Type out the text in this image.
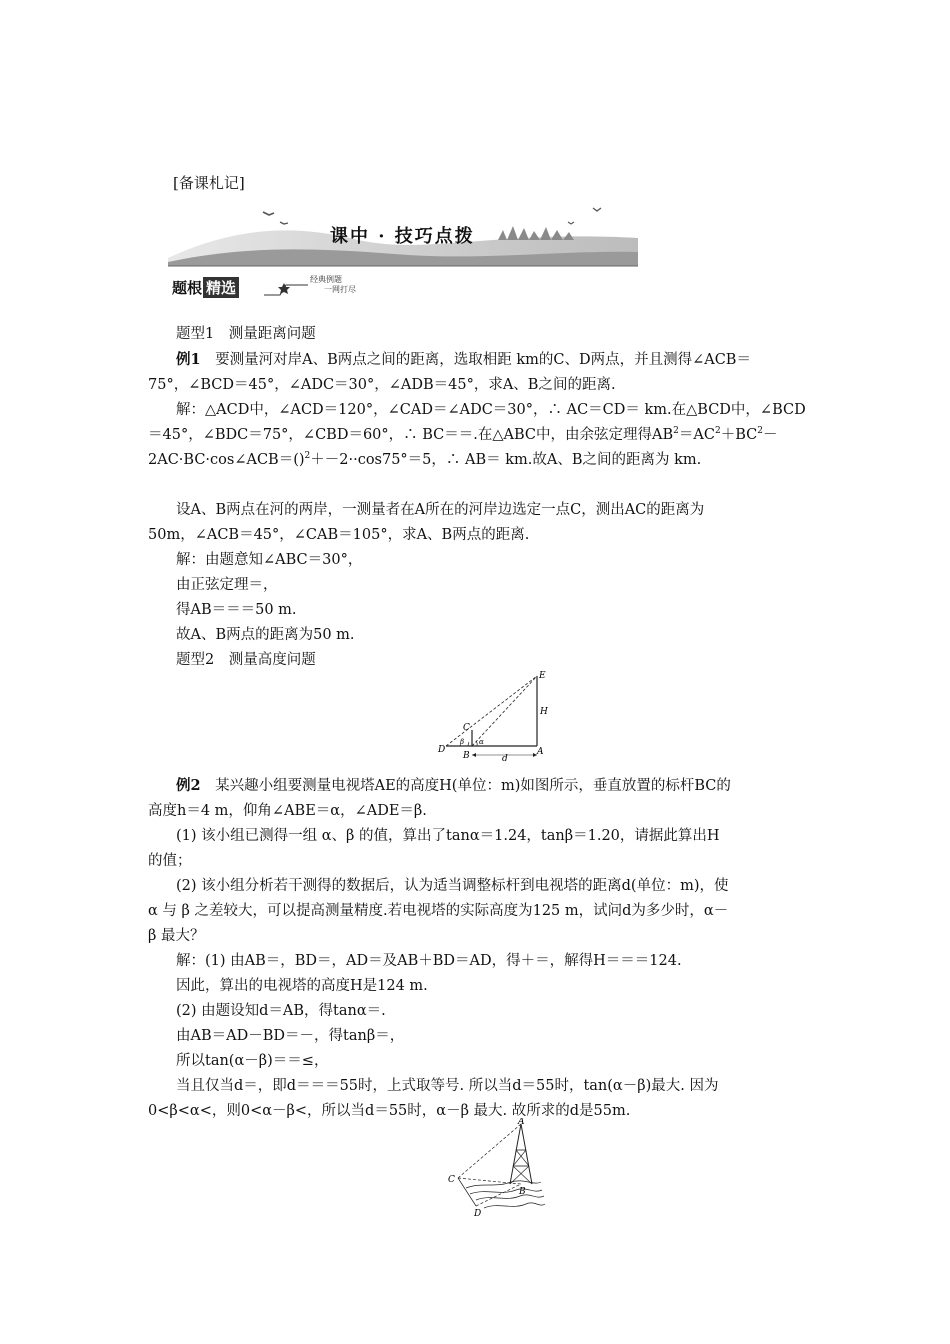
[备课札记]
课中 · 技巧点拨
题根 精选	经典例题
一网打尽

题型1　测量距离问题

例1　要测量河对岸A、B两点之间的距离，选取相距 km的C、D两点，并且测得∠ACB＝

75°，∠BCD＝45°，∠ADC＝30°，∠ADB＝45°，求A、B之间的距离.

解：△ACD中，∠ACD＝120°，∠CAD＝∠ADC＝30°，∴ AC＝CD＝ km.在△BCD中，∠BCD

＝45°，∠BDC＝75°，∠CBD＝60°，∴ BC＝＝.在△ABC中，由余弦定理得$AB^2=AC^2+BC^2-$

2AC·BC·cos∠ACB＝()$^2$＋－2··cos75°＝5，∴ AB＝ km.故A、B之间的距离为 km.

设A、B两点在河的两岸，一测量者在A所在的河岸边选定一点C，测出AC的距离为

50m，∠ACB＝45°，∠CAB＝105°，求A、B两点的距离.

解：由题意知∠ABC＝30°，

由正弦定理＝，

得AB＝＝＝50 m.

故A、B两点的距离为50 m.

题型2　测量高度问题

例2　某兴趣小组要测量电视塔AE的高度H(单位：m)如图所示，垂直放置的标杆BC的

高度h＝4 m，仰角∠ABE＝α，∠ADE＝β.

(1) 该小组已测得一组 α、β 的值，算出了tanα＝1.24，tanβ＝1.20，请据此算出H

的值；

(2) 该小组分析若干测得的数据后，认为适当调整标杆到电视塔的距离d(单位：m)，使

α 与 β 之差较大，可以提高测量精度.若电视塔的实际高度为125 m，试问d为多少时，α－

β 最大？

解：(1) 由AB＝，BD＝，AD＝及AB＋BD＝AD，得＋＝，解得H＝＝＝124.

因此，算出的电视塔的高度H是124 m.

(2) 由题设知d＝AB，得tanα＝.

由AB＝AD－BD＝－，得tanβ＝，

所以tan(α－β)＝＝≤，

当且仅当d＝，即d＝＝＝55时，上式取等号. 所以当d＝55时，tan(α－β)最大. 因为

0<β<α<，则0<α－β<，所以当d＝55时，α－β 最大. 故所求的d是55m.

E
H
C
D
β α
B	A
d
A
C
B
D
